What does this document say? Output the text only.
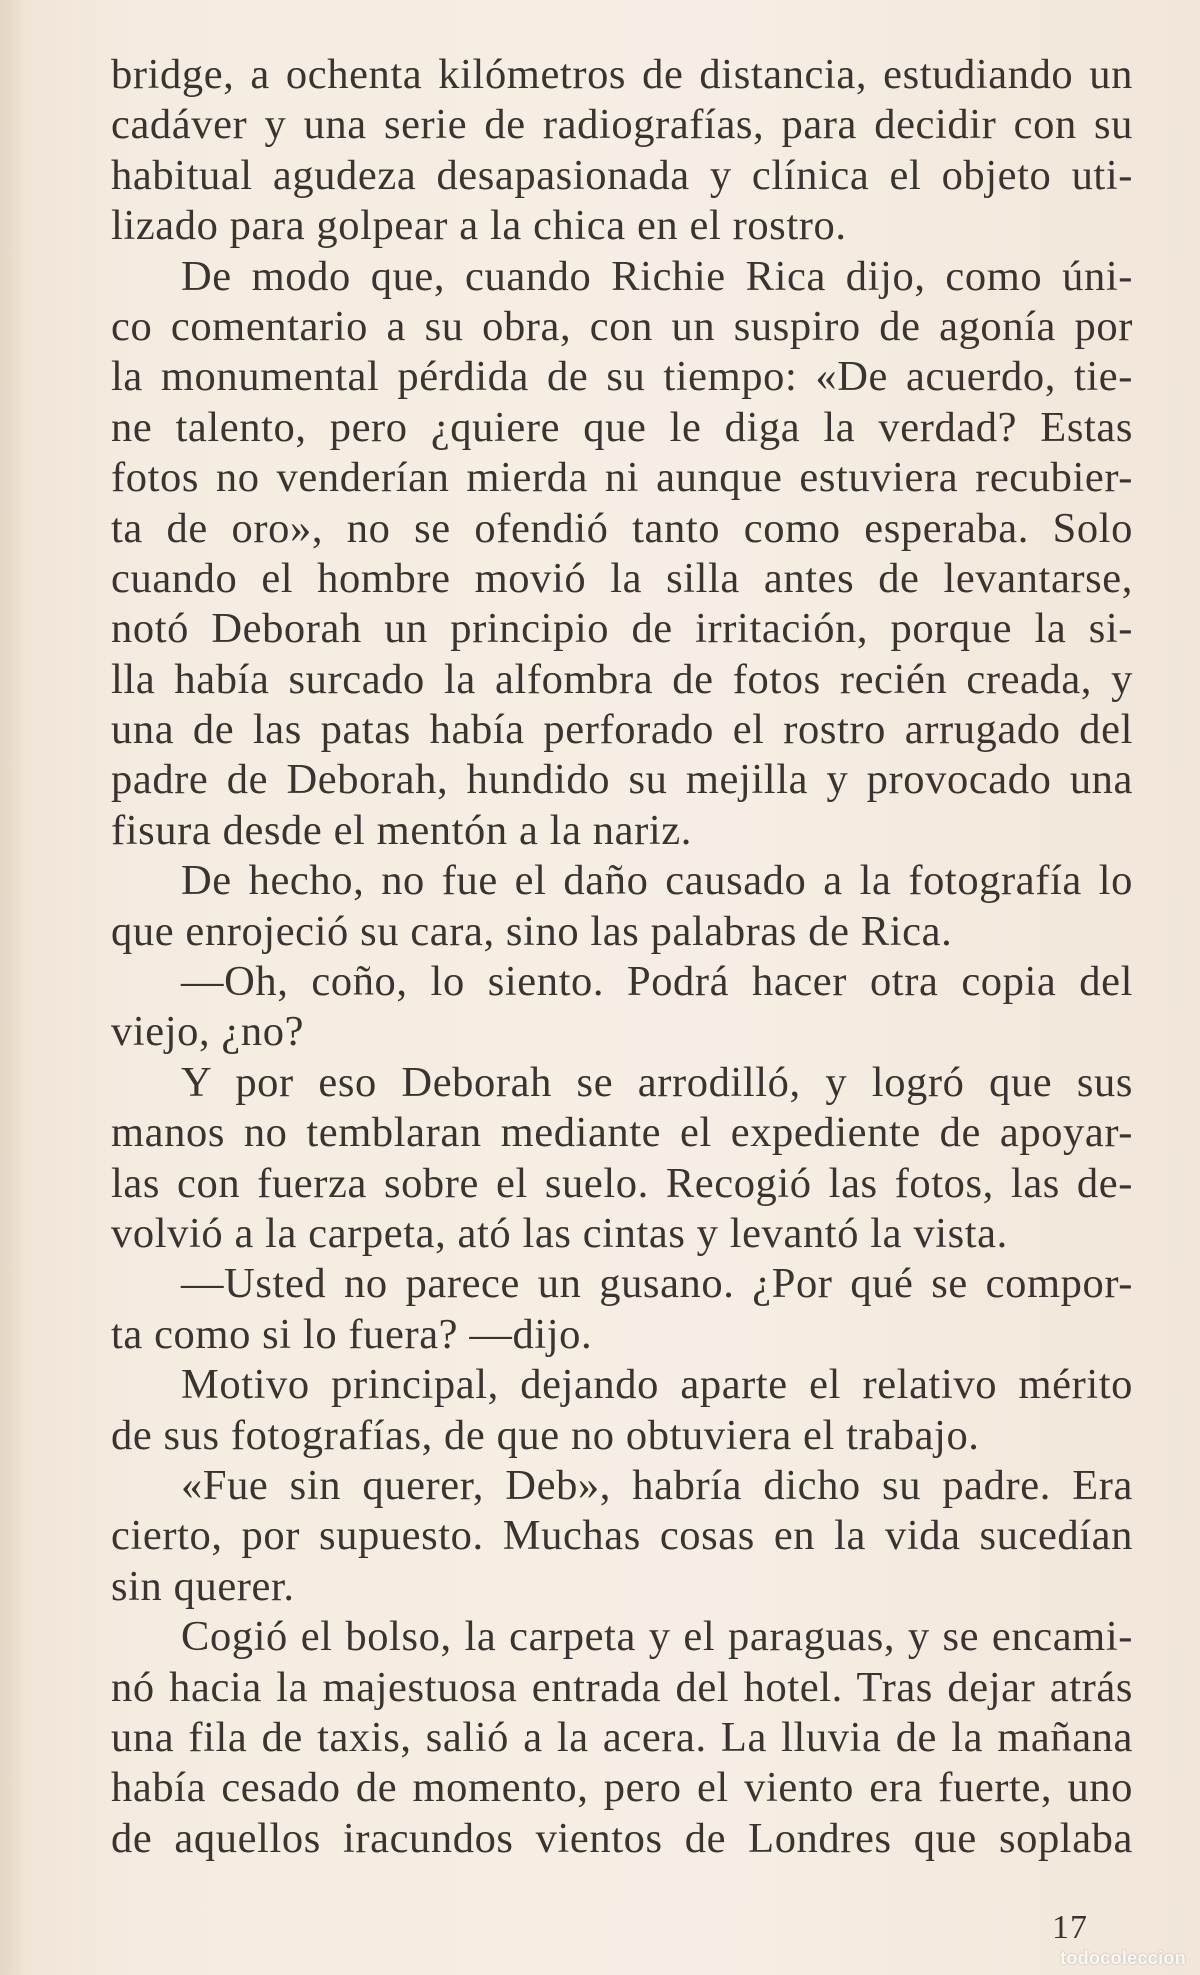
bridge, a ochenta kilómetros de distancia, estudiando un
cadáver y una serie de radiografías, para decidir con su
habitual agudeza desapasionada y clínica el objeto uti-
lizado para golpear a la chica en el rostro.
De modo que, cuando Richie Rica dijo, como úni-
co comentario a su obra, con un suspiro de agonía por
la monumental pérdida de su tiempo: «De acuerdo, tie-
ne talento, pero ¿quiere que le diga la verdad? Estas
fotos no venderían mierda ni aunque estuviera recubier-
ta de oro», no se ofendió tanto como esperaba. Solo
cuando el hombre movió la silla antes de levantarse,
notó Deborah un principio de irritación, porque la si-
lla había surcado la alfombra de fotos recién creada, y
una de las patas había perforado el rostro arrugado del
padre de Deborah, hundido su mejilla y provocado una
fisura desde el mentón a la nariz.
De hecho, no fue el daño causado a la fotografía lo
que enrojeció su cara, sino las palabras de Rica.
—Oh, coño, lo siento. Podrá hacer otra copia del
viejo, ¿no?
Y por eso Deborah se arrodilló, y logró que sus
manos no temblaran mediante el expediente de apoyar-
las con fuerza sobre el suelo. Recogió las fotos, las de-
volvió a la carpeta, ató las cintas y levantó la vista.
—Usted no parece un gusano. ¿Por qué se compor-
ta como si lo fuera? —dijo.
Motivo principal, dejando aparte el relativo mérito
de sus fotografías, de que no obtuviera el trabajo.
«Fue sin querer, Deb», habría dicho su padre. Era
cierto, por supuesto. Muchas cosas en la vida sucedían
sin querer.
Cogió el bolso, la carpeta y el paraguas, y se encami-
nó hacia la majestuosa entrada del hotel. Tras dejar atrás
una fila de taxis, salió a la acera. La lluvia de la mañana
había cesado de momento, pero el viento era fuerte, uno
de aquellos iracundos vientos de Londres que soplaba
17
todocoleccion
